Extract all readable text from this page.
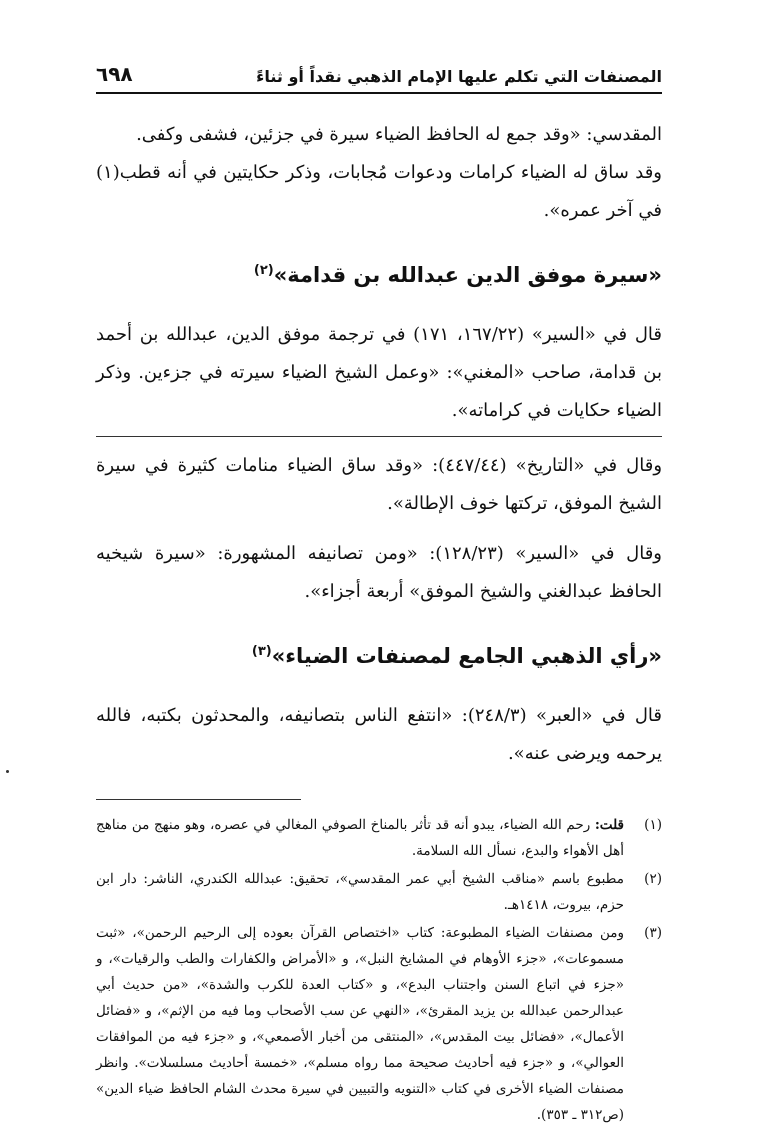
المصنفات التي تكلم عليها الإمام الذهبي نقداً أو ثناءً
٦٩٨

المقدسي: «وقد جمع له الحافظ الضياء سيرة في جزئين، فشفى وكفى.

وقد ساق له الضياء كرامات ودعوات مُجابات، وذكر حكايتين في أنه قطب(١) في آخر عمره».

«سيرة موفق الدين عبدالله بن قدامة»$^{(٢)}$

قال في «السير» (١٦٧/٢٢، ١٧١) في ترجمة موفق الدين، عبدالله بن أحمد بن قدامة، صاحب «المغني»: «وعمل الشيخ الضياء سيرته في جزءين. وذكر الضياء حكايات في كراماته».

وقال في «التاريخ» (٤٤٧/٤٤): «وقد ساق الضياء منامات كثيرة في سيرة الشيخ الموفق، تركتها خوف الإطالة».

وقال في «السير» (١٢٨/٢٣): «ومن تصانيفه المشهورة: «سيرة شيخيه الحافظ عبدالغني والشيخ الموفق» أربعة أجزاء».

«رأي الذهبي الجامع لمصنفات الضياء»$^{(٣)}$

قال في «العبر» (٢٤٨/٣): «انتفع الناس بتصانيفه، والمحدثون بكتبه، فالله يرحمه ويرضى عنه».

(١)
قلت: رحم الله الضياء، يبدو أنه قد تأثر بالمناخ الصوفي المغالي في عصره، وهو منهج من مناهج أهل الأهواء والبدع، نسأل الله السلامة.
(٢)
مطبوع باسم «مناقب الشيخ أبي عمر المقدسي»، تحقيق: عبدالله الكندري، الناشر: دار ابن حزم، بيروت، ١٤١٨هـ.
(٣)
ومن مصنفات الضياء المطبوعة: كتاب «اختصاص القرآن بعوده إلى الرحيم الرحمن»، «ثبت مسموعات»، «جزء الأوهام في المشايخ النبل»، و «الأمراض والكفارات والطب والرقيات»، و «جزء في اتباع السنن واجتناب البدع»، و «كتاب العدة للكرب والشدة»، «من حديث أبي عبدالرحمن عبدالله بن يزيد المقرئ»، «النهي عن سب الأصحاب وما فيه من الإثم»، و «فضائل الأعمال»، «فضائل بيت المقدس»، «المنتقى من أخبار الأصمعي»، و «جزء فيه من الموافقات العوالي»، و «جزء فيه أحاديث صحيحة مما رواه مسلم»، «خمسة أحاديث مسلسلات». وانظر مصنفات الضياء الأخرى في كتاب «التنويه والتبيين في سيرة محدث الشام الحافظ ضياء الدين» (ص٣١٢ ـ ٣٥٣).
